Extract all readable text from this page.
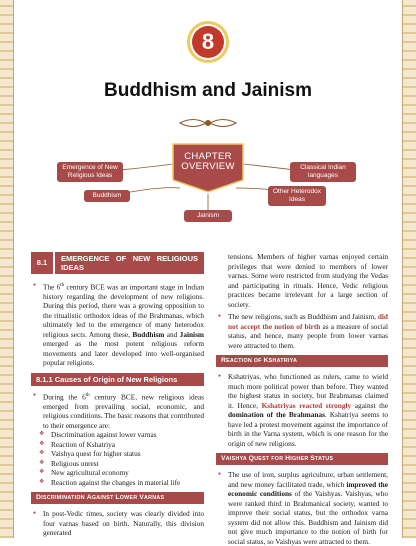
8
Buddhism and Jainism
CHAPTER
OVERVIEW
Emergence of New Religious Ideas
Buddhism
Jainism
Other Heterodox Ideas
Classical Indian languages
8.1	EMERGENCE OF NEW RELIGIOUS IDEAS

● The 6th century BCE was an important stage in Indian history regarding the development of new religions. During this period, there was a growing opposition to the ritualistic orthodox ideas of the Brahmanas, which ultimately led to the emergence of many heterodox religious sects. Among these, Buddhism and Jainism emerged as the most potent religious reform movements and later developed into well-organised popular religions.

8.1.1 Causes of Origin of New Religions

● During the 6th century BCE, new religious ideas emerged from prevailing social, economic, and religious conditions. The basic reasons that contributed to their emergence are:

❖ Discrimination against lower varnas

❖ Reaction of Kshatriya

❖ Vaishya quest for higher status

❖ Religious unrest

❖ New agricultural economy

❖ Reaction against the changes in material life

DISCRIMINATION AGAINST LOWER VARNAS

● In post-Vedic times, society was clearly divided into four varnas based on birth. Naturally, this division generated

tensions. Members of higher varnas enjoyed certain privileges that were denied to members of lower varnas. Some were restricted from studying the Vedas and participating in rituals. Hence, Vedic religious practices became irrelevant for a large section of society.

● The new religions, such as Buddhism and Jainism, did not accept the notion of birth as a measure of social status, and hence, many people from lower varnas were attracted to them.

REACTION OF KSHATRIYA

● Kshatriyas, who functioned as rulers, came to wield much more political power than before. They wanted the highest status in society, but Brahmanas claimed it. Hence, Kshatriyas reacted strongly against the domination of the Brahmanas. Kshatriya seems to have led a protest movement against the importance of birth in the Varna system, which is one reason for the origin of new religions.

VAISHYA QUEST FOR HIGHER STATUS

● The use of iron, surplus agriculture, urban settlement, and new money facilitated trade, which improved the economic conditions of the Vaishyas. Vaishyas, who were ranked third in Brahmanical society, wanted to improve their social status, but the orthodox varna system did not allow this. Buddhism and Jainism did not give much importance to the notion of birth for social status, so Vaishyas were attracted to them.
